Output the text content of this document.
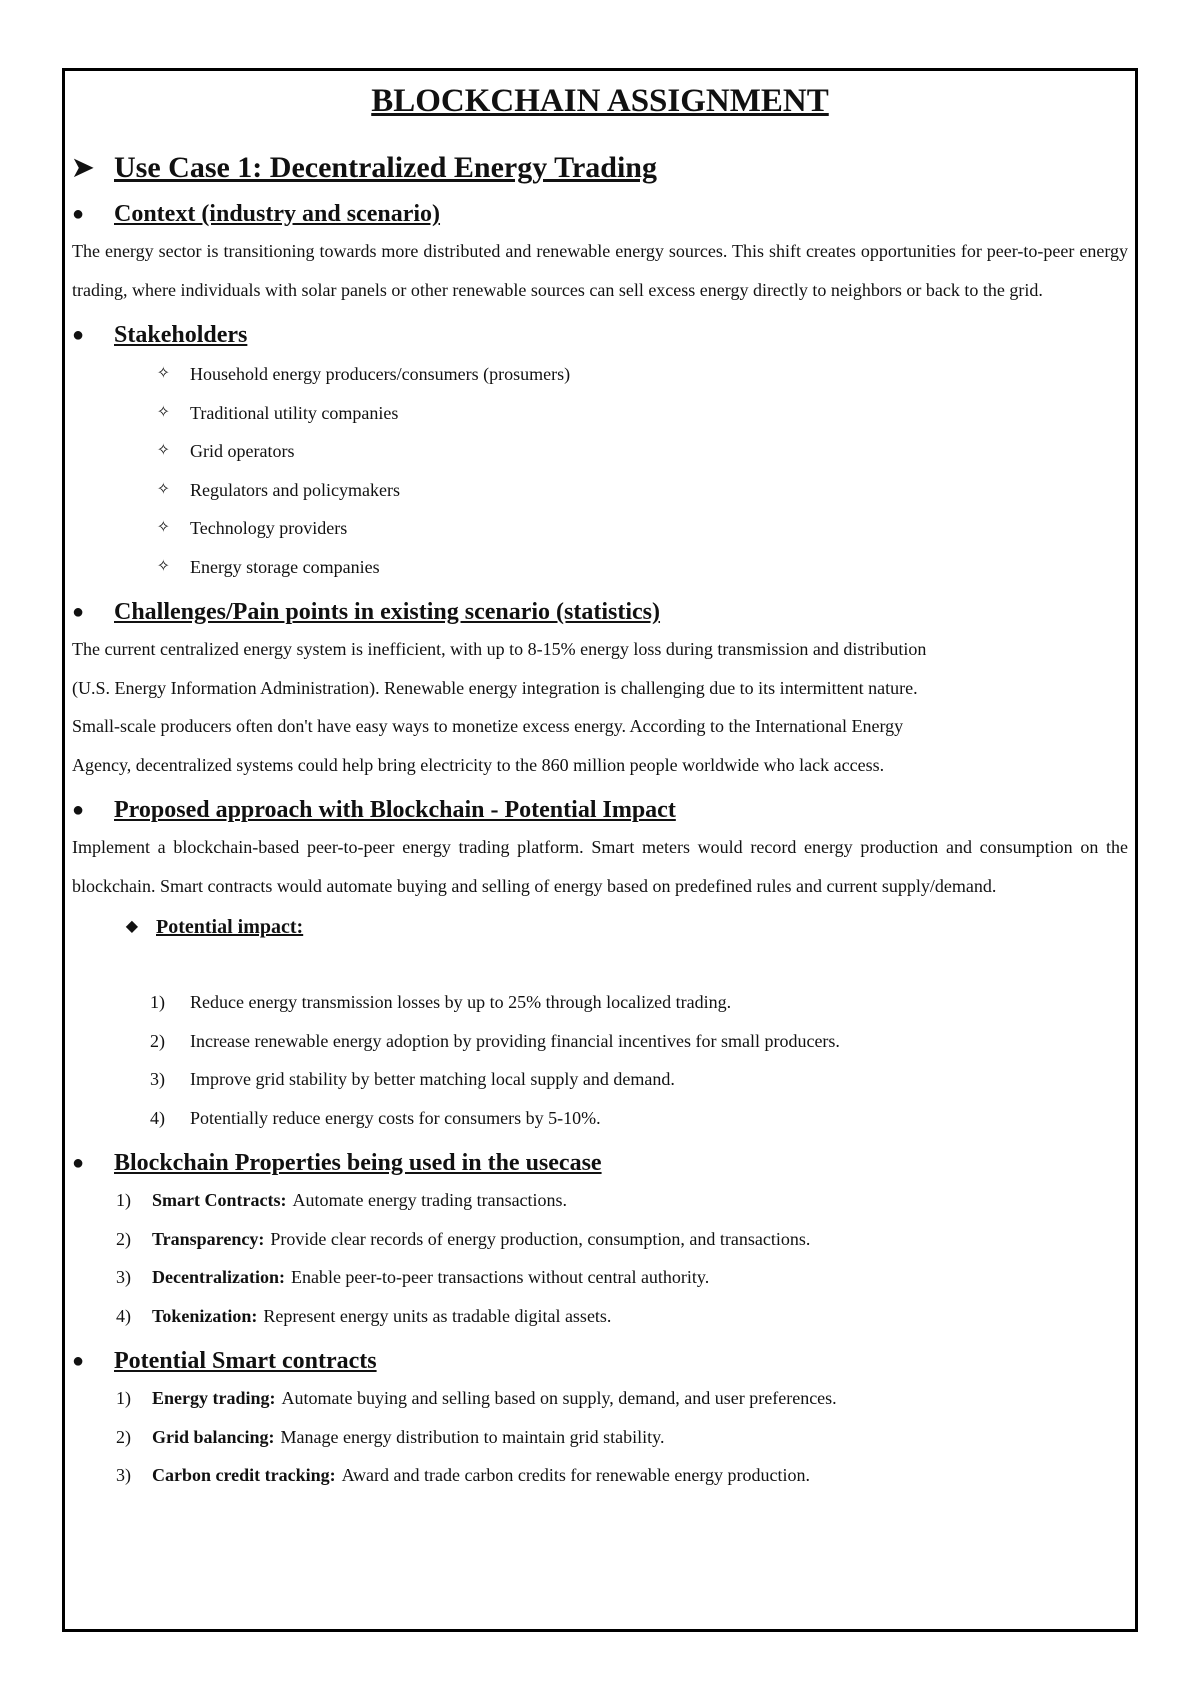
BLOCKCHAIN ASSIGNMENT
➤ Use Case 1: Decentralized Energy Trading
●	Context (industry and scenario)

The energy sector is transitioning towards more distributed and renewable energy sources. This shift creates opportunities for peer-to-peer energy trading, where individuals with solar panels or other renewable sources can sell excess energy directly to neighbors or back to the grid.

●	Stakeholders
✧	Household energy producers/consumers (prosumers)
✧	Traditional utility companies
✧	Grid operators
✧	Regulators and policymakers
✧	Technology providers
✧	Energy storage companies
●	Challenges/Pain points in existing scenario (statistics)

The current centralized energy system is inefficient, with up to 8-15% energy loss during transmission and distribution

(U.S. Energy Information Administration). Renewable energy integration is challenging due to its intermittent nature.

Small-scale producers often don't have easy ways to monetize excess energy. According to the International Energy

Agency, decentralized systems could help bring electricity to the 860 million people worldwide who lack access.

●	Proposed approach with Blockchain - Potential Impact

Implement a blockchain-based peer-to-peer energy trading platform. Smart meters would record energy production and consumption on the blockchain. Smart contracts would automate buying and selling of energy based on predefined rules and current supply/demand.

◆ Potential impact:
1)	Reduce energy transmission losses by up to 25% through localized trading.
2)	Increase renewable energy adoption by providing financial incentives for small producers.
3)	Improve grid stability by better matching local supply and demand.
4)	Potentially reduce energy costs for consumers by 5-10%.
●	Blockchain Properties being used in the usecase
1)	Smart Contracts: Automate energy trading transactions.
2)	Transparency: Provide clear records of energy production, consumption, and transactions.
3)	Decentralization: Enable peer-to-peer transactions without central authority.
4)	Tokenization: Represent energy units as tradable digital assets.
●	Potential Smart contracts
1)	Energy trading: Automate buying and selling based on supply, demand, and user preferences.
2)	Grid balancing: Manage energy distribution to maintain grid stability.
3)	Carbon credit tracking: Award and trade carbon credits for renewable energy production.
